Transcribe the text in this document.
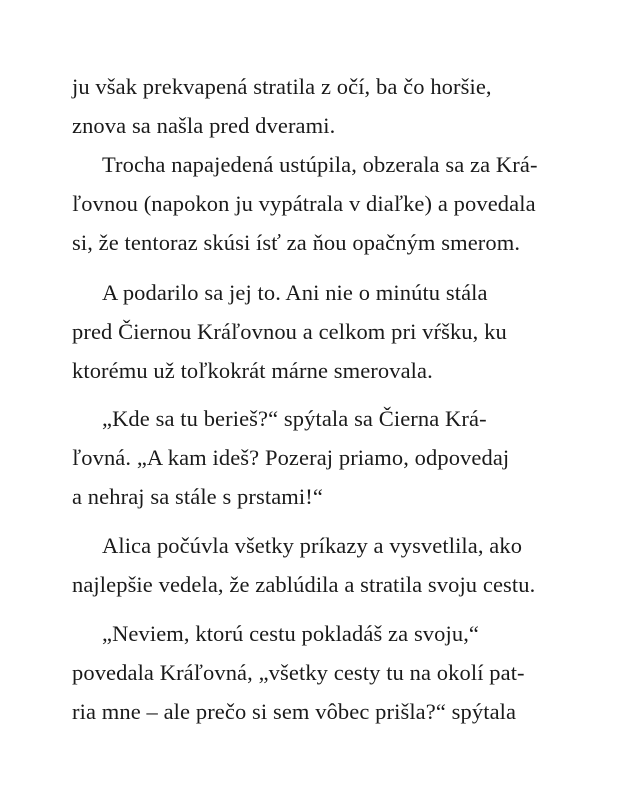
ju však prekvapená stratila z očí, ba čo horšie,
znova sa našla pred dverami.
Trocha napajedená ustúpila, obzerala sa za Krá-
ľovnou (napokon ju vypátrala v diaľke) a povedala
si, že tentoraz skúsi ísť za ňou opačným smerom.
A podarilo sa jej to. Ani nie o minútu stála
pred Čiernou Kráľovnou a celkom pri vŕšku, ku
ktorému už toľkokrát márne smerovala.
„Kde sa tu berieš?“ spýtala sa Čierna Krá-
ľovná. „A kam ideš? Pozeraj priamo, odpovedaj
a nehraj sa stále s prstami!“
Alica počúvla všetky príkazy a vysvetlila, ako
najlepšie vedela, že zablúdila a stratila svoju cestu.
„Neviem, ktorú cestu pokladáš za svoju,“
povedala Kráľovná, „všetky cesty tu na okolí pat-
ria mne – ale prečo si sem vôbec prišla?“ spýtala
